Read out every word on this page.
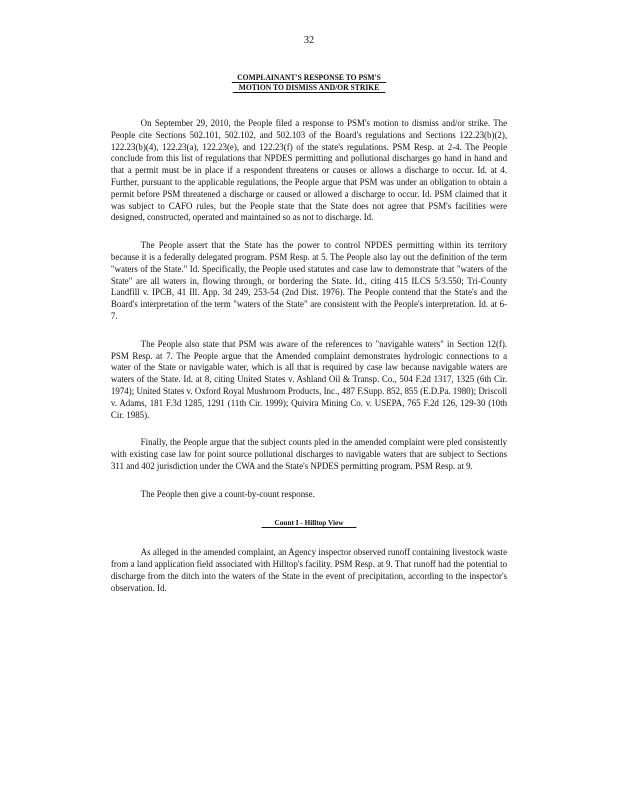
32
COMPLAINANT'S RESPONSE TO PSM'S
MOTION TO DISMISS AND/OR STRIKE

On September 29, 2010, the People filed a response to PSM's motion to dismiss and/or strike. The People cite Sections 502.101, 502.102, and 502.103 of the Board's regulations and Sections 122.23(b)(2), 122.23(b)(4), 122.23(a), 122.23(e), and 122.23(f) of the state's regulations. PSM Resp. at 2-4. The People conclude from this list of regulations that NPDES permitting and pollutional discharges go hand in hand and that a permit must be in place if a respondent threatens or causes or allows a discharge to occur. Id. at 4. Further, pursuant to the applicable regulations, the People argue that PSM was under an obligation to obtain a permit before PSM threatened a discharge or caused or allowed a discharge to occur. Id. PSM claimed that it was subject to CAFO rules, but the People state that the State does not agree that PSM's facilities were designed, constructed, operated and maintained so as not to discharge. Id.

The People assert that the State has the power to control NPDES permitting within its territory because it is a federally delegated program. PSM Resp. at 5. The People also lay out the definition of the term "waters of the State." Id. Specifically, the People used statutes and case law to demonstrate that "waters of the State" are all waters in, flowing through, or bordering the State. Id., citing 415 ILCS 5/3.550; Tri-County Landfill v. IPCB, 41 Ill. App. 3d 249, 253-54 (2nd Dist. 1976). The People contend that the State's and the Board's interpretation of the term "waters of the State" are consistent with the People's interpretation. Id. at 6-7.

The People also state that PSM was aware of the references to "navigable waters" in Section 12(f). PSM Resp. at 7. The People argue that the Amended complaint demonstrates hydrologic connections to a water of the State or navigable water, which is all that is required by case law because navigable waters are waters of the State. Id. at 8, citing United States v. Ashland Oil & Transp. Co., 504 F.2d 1317, 1325 (6th Cir. 1974); United States v. Oxford Royal Mushroom Products, Inc., 487 F.Supp. 852, 855 (E.D.Pa. 1980); Driscoll v. Adams, 181 F.3d 1285, 1291 (11th Cir. 1999); Quivira Mining Co. v. USEPA, 765 F.2d 126, 129-30 (10th Cir. 1985).

Finally, the People argue that the subject counts pled in the amended complaint were pled consistently with existing case law for point source pollutional discharges to navigable waters that are subject to Sections 311 and 402 jurisdiction under the CWA and the State's NPDES permitting program. PSM Resp. at 9.

The People then give a count-by-count response.

Count I - Hilltop View

As alleged in the amended complaint, an Agency inspector observed runoff containing livestock waste from a land application field associated with Hilltop's facility. PSM Resp. at 9. That runoff had the potential to discharge from the ditch into the waters of the State in the event of precipitation, according to the inspector's observation. Id.
